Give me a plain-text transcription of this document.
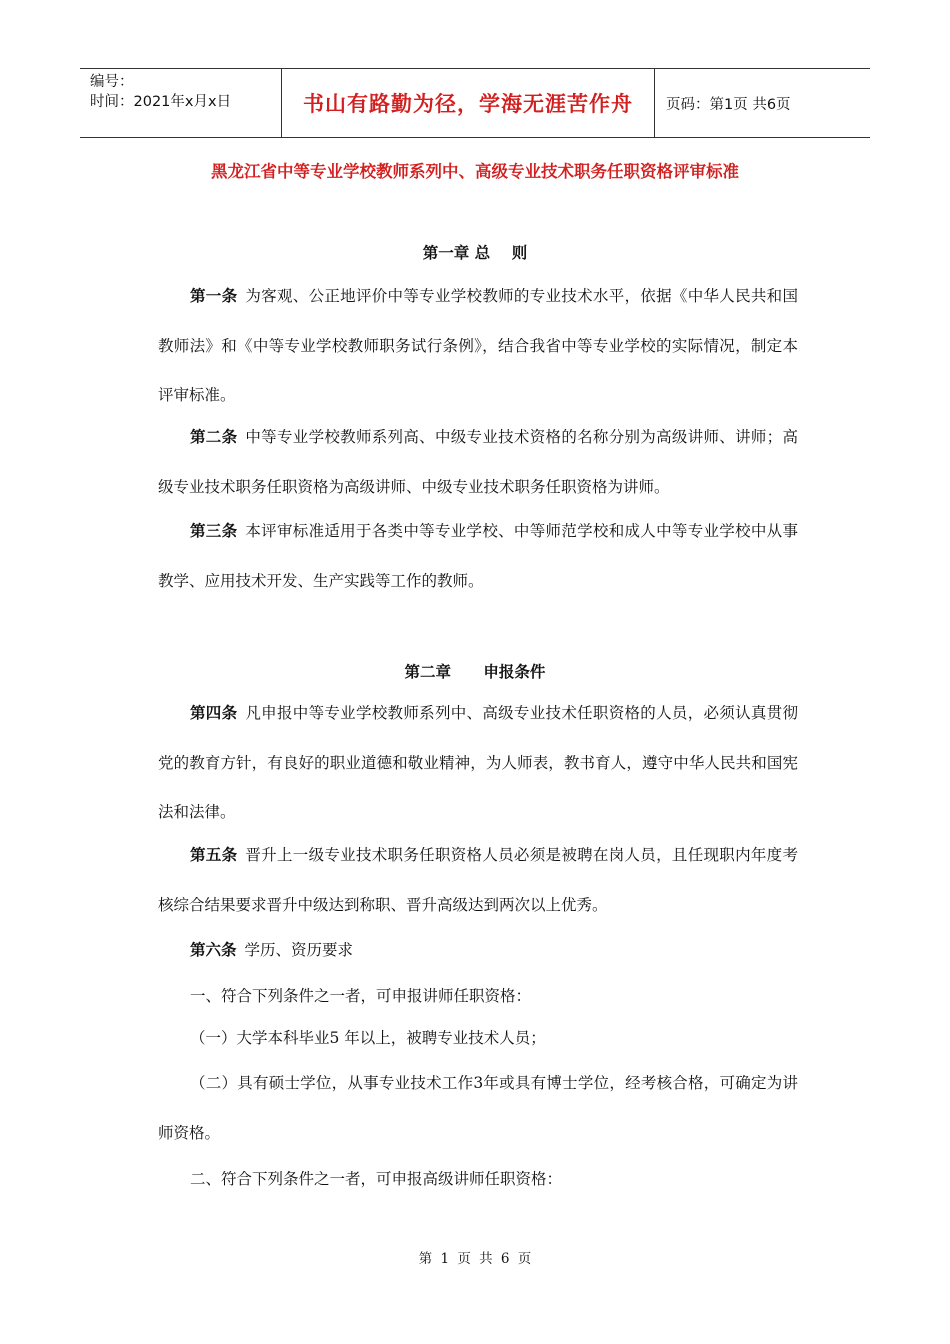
编号：
时间：2021年x月x日	书山有路勤为径，学海无涯苦作舟	页码：第1页 共6页
黑龙江省中等专业学校教师系列中、高级专业技术职务任职资格评审标准
第一章 总    则
第一条 为客观、公正地评价中等专业学校教师的专业技术水平，依据《中华人民共和国教师法》和《中等专业学校教师职务试行条例》，结合我省中等专业学校的实际情况，制定本评审标准。
第二条 中等专业学校教师系列高、中级专业技术资格的名称分别为高级讲师、讲师；高级专业技术职务任职资格为高级讲师、中级专业技术职务任职资格为讲师。
第三条 本评审标准适用于各类中等专业学校、中等师范学校和成人中等专业学校中从事教学、应用技术开发、生产实践等工作的教师。
第二章      申报条件
第四条 凡申报中等专业学校教师系列中、高级专业技术任职资格的人员，必须认真贯彻党的教育方针，有良好的职业道德和敬业精神，为人师表，教书育人，遵守中华人民共和国宪法和法律。
第五条 晋升上一级专业技术职务任职资格人员必须是被聘在岗人员，且任现职内年度考核综合结果要求晋升中级达到称职、晋升高级达到两次以上优秀。
第六条 学历、资历要求
一、符合下列条件之一者，可申报讲师任职资格：
（一）大学本科毕业5 年以上，被聘专业技术人员；
（二）具有硕士学位，从事专业技术工作3年或具有博士学位，经考核合格，可确定为讲师资格。
二、符合下列条件之一者，可申报高级讲师任职资格：
第 1 页 共 6 页
